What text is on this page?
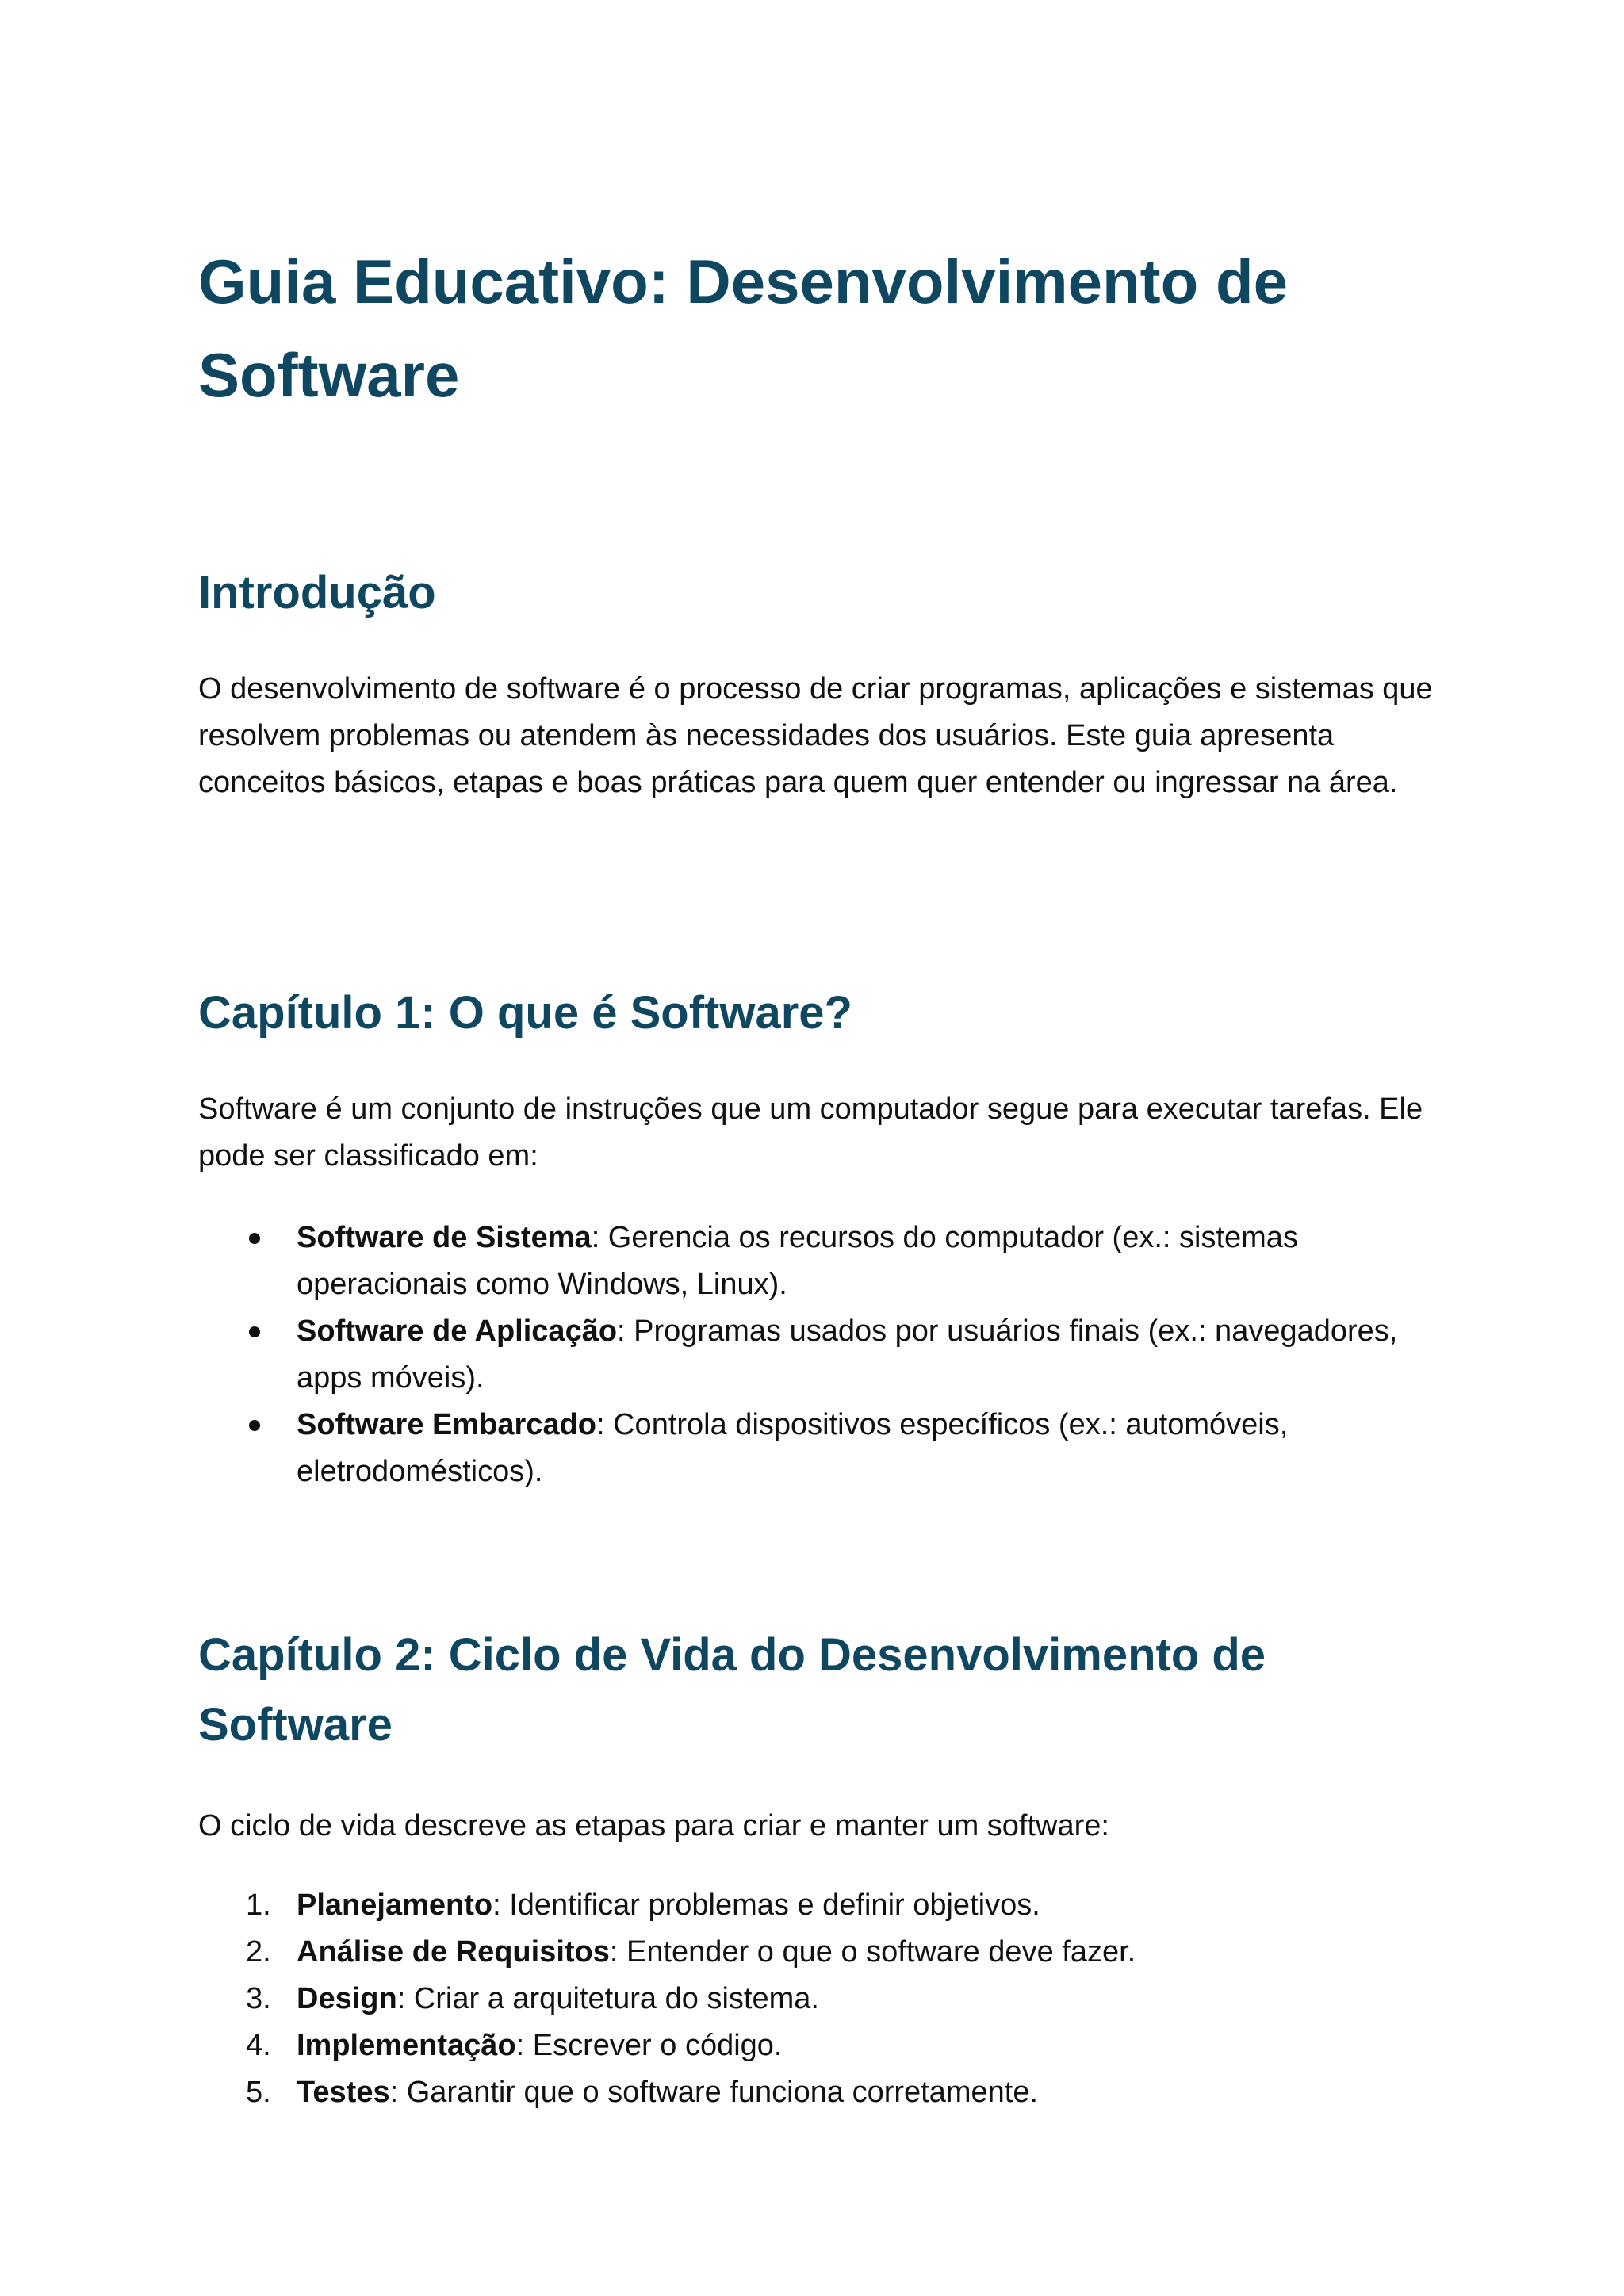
Guia Educativo: Desenvolvimento de Software
Introdução

O desenvolvimento de software é o processo de criar programas, aplicações e sistemas que resolvem problemas ou atendem às necessidades dos usuários. Este guia apresenta conceitos básicos, etapas e boas práticas para quem quer entender ou ingressar na área.

Capítulo 1: O que é Software?

Software é um conjunto de instruções que um computador segue para executar tarefas. Ele pode ser classificado em:

Software de Sistema: Gerencia os recursos do computador (ex.: sistemas operacionais como Windows, Linux).
Software de Aplicação: Programas usados por usuários finais (ex.: navegadores, apps móveis).
Software Embarcado: Controla dispositivos específicos (ex.: automóveis, eletrodomésticos).
Capítulo 2: Ciclo de Vida do Desenvolvimento de Software

O ciclo de vida descreve as etapas para criar e manter um software:

1. Planejamento: Identificar problemas e definir objetivos.
2. Análise de Requisitos: Entender o que o software deve fazer.
3. Design: Criar a arquitetura do sistema.
4. Implementação: Escrever o código.
5. Testes: Garantir que o software funciona corretamente.
